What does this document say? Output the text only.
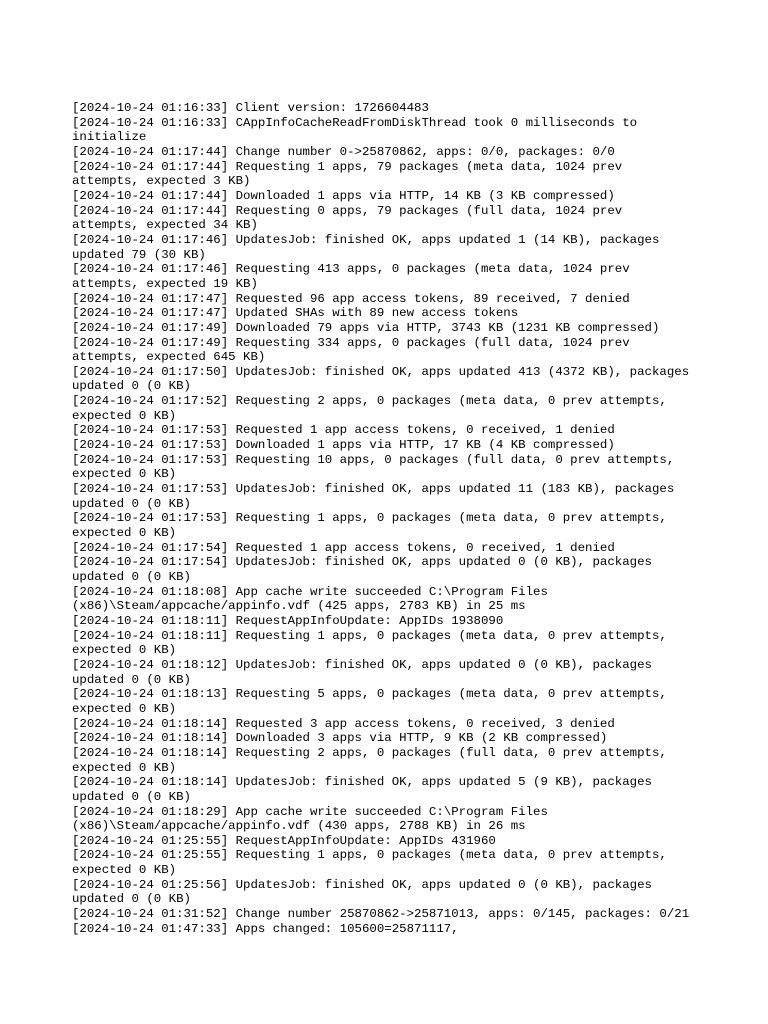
[2024-10-24 01:16:33] Client version: 1726604483
[2024-10-24 01:16:33] CAppInfoCacheReadFromDiskThread took 0 milliseconds to
initialize
[2024-10-24 01:17:44] Change number 0->25870862, apps: 0/0, packages: 0/0
[2024-10-24 01:17:44] Requesting 1 apps, 79 packages (meta data, 1024 prev
attempts, expected 3 KB)
[2024-10-24 01:17:44] Downloaded 1 apps via HTTP, 14 KB (3 KB compressed)
[2024-10-24 01:17:44] Requesting 0 apps, 79 packages (full data, 1024 prev
attempts, expected 34 KB)
[2024-10-24 01:17:46] UpdatesJob: finished OK, apps updated 1 (14 KB), packages
updated 79 (30 KB)
[2024-10-24 01:17:46] Requesting 413 apps, 0 packages (meta data, 1024 prev
attempts, expected 19 KB)
[2024-10-24 01:17:47] Requested 96 app access tokens, 89 received, 7 denied
[2024-10-24 01:17:47] Updated SHAs with 89 new access tokens
[2024-10-24 01:17:49] Downloaded 79 apps via HTTP, 3743 KB (1231 KB compressed)
[2024-10-24 01:17:49] Requesting 334 apps, 0 packages (full data, 1024 prev
attempts, expected 645 KB)
[2024-10-24 01:17:50] UpdatesJob: finished OK, apps updated 413 (4372 KB), packages
updated 0 (0 KB)
[2024-10-24 01:17:52] Requesting 2 apps, 0 packages (meta data, 0 prev attempts,
expected 0 KB)
[2024-10-24 01:17:53] Requested 1 app access tokens, 0 received, 1 denied
[2024-10-24 01:17:53] Downloaded 1 apps via HTTP, 17 KB (4 KB compressed)
[2024-10-24 01:17:53] Requesting 10 apps, 0 packages (full data, 0 prev attempts,
expected 0 KB)
[2024-10-24 01:17:53] UpdatesJob: finished OK, apps updated 11 (183 KB), packages
updated 0 (0 KB)
[2024-10-24 01:17:53] Requesting 1 apps, 0 packages (meta data, 0 prev attempts,
expected 0 KB)
[2024-10-24 01:17:54] Requested 1 app access tokens, 0 received, 1 denied
[2024-10-24 01:17:54] UpdatesJob: finished OK, apps updated 0 (0 KB), packages
updated 0 (0 KB)
[2024-10-24 01:18:08] App cache write succeeded C:\Program Files
(x86)\Steam/appcache/appinfo.vdf (425 apps, 2783 KB) in 25 ms
[2024-10-24 01:18:11] RequestAppInfoUpdate: AppIDs 1938090
[2024-10-24 01:18:11] Requesting 1 apps, 0 packages (meta data, 0 prev attempts,
expected 0 KB)
[2024-10-24 01:18:12] UpdatesJob: finished OK, apps updated 0 (0 KB), packages
updated 0 (0 KB)
[2024-10-24 01:18:13] Requesting 5 apps, 0 packages (meta data, 0 prev attempts,
expected 0 KB)
[2024-10-24 01:18:14] Requested 3 app access tokens, 0 received, 3 denied
[2024-10-24 01:18:14] Downloaded 3 apps via HTTP, 9 KB (2 KB compressed)
[2024-10-24 01:18:14] Requesting 2 apps, 0 packages (full data, 0 prev attempts,
expected 0 KB)
[2024-10-24 01:18:14] UpdatesJob: finished OK, apps updated 5 (9 KB), packages
updated 0 (0 KB)
[2024-10-24 01:18:29] App cache write succeeded C:\Program Files
(x86)\Steam/appcache/appinfo.vdf (430 apps, 2788 KB) in 26 ms
[2024-10-24 01:25:55] RequestAppInfoUpdate: AppIDs 431960
[2024-10-24 01:25:55] Requesting 1 apps, 0 packages (meta data, 0 prev attempts,
expected 0 KB)
[2024-10-24 01:25:56] UpdatesJob: finished OK, apps updated 0 (0 KB), packages
updated 0 (0 KB)
[2024-10-24 01:31:52] Change number 25870862->25871013, apps: 0/145, packages: 0/21
[2024-10-24 01:47:33] Apps changed: 105600=25871117,
